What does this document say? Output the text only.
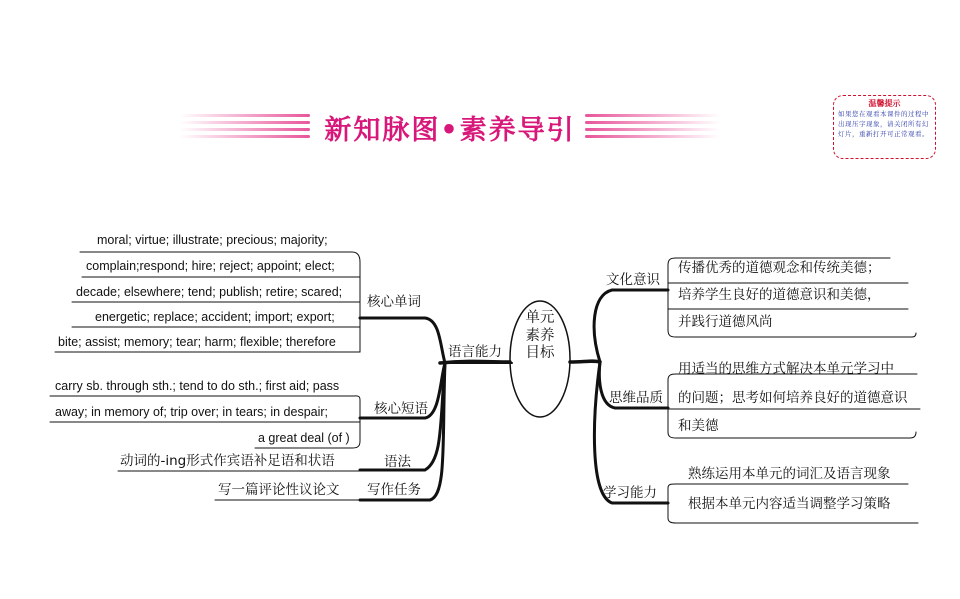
新知脉图•素养导引
温馨提示
如果您在观看本课件的过程中出现压字现象，请关闭所有幻灯片，重新打开可正常观看。
单元素养目标
语言能力
核心单词
核心短语
语法
写作任务
moral; virtue; illustrate; precious; majority;
complain;respond; hire; reject; appoint; elect;
decade; elsewhere; tend; publish; retire; scared;
energetic; replace; accident; import; export;
bite; assist; memory; tear; harm; flexible; therefore
carry sb. through sth.; tend to do sth.; first aid; pass
away; in memory of; trip over; in tears; in despair;
a great deal (of )
动词的-ing形式作宾语补足语和状语
写一篇评论性议论文
文化意识
思维品质
学习能力
传播优秀的道德观念和传统美德；
培养学生良好的道德意识和美德，
并践行道德风尚
用适当的思维方式解决本单元学习中
的问题；思考如何培养良好的道德意识
和美德
熟练运用本单元的词汇及语言现象
根据本单元内容适当调整学习策略
